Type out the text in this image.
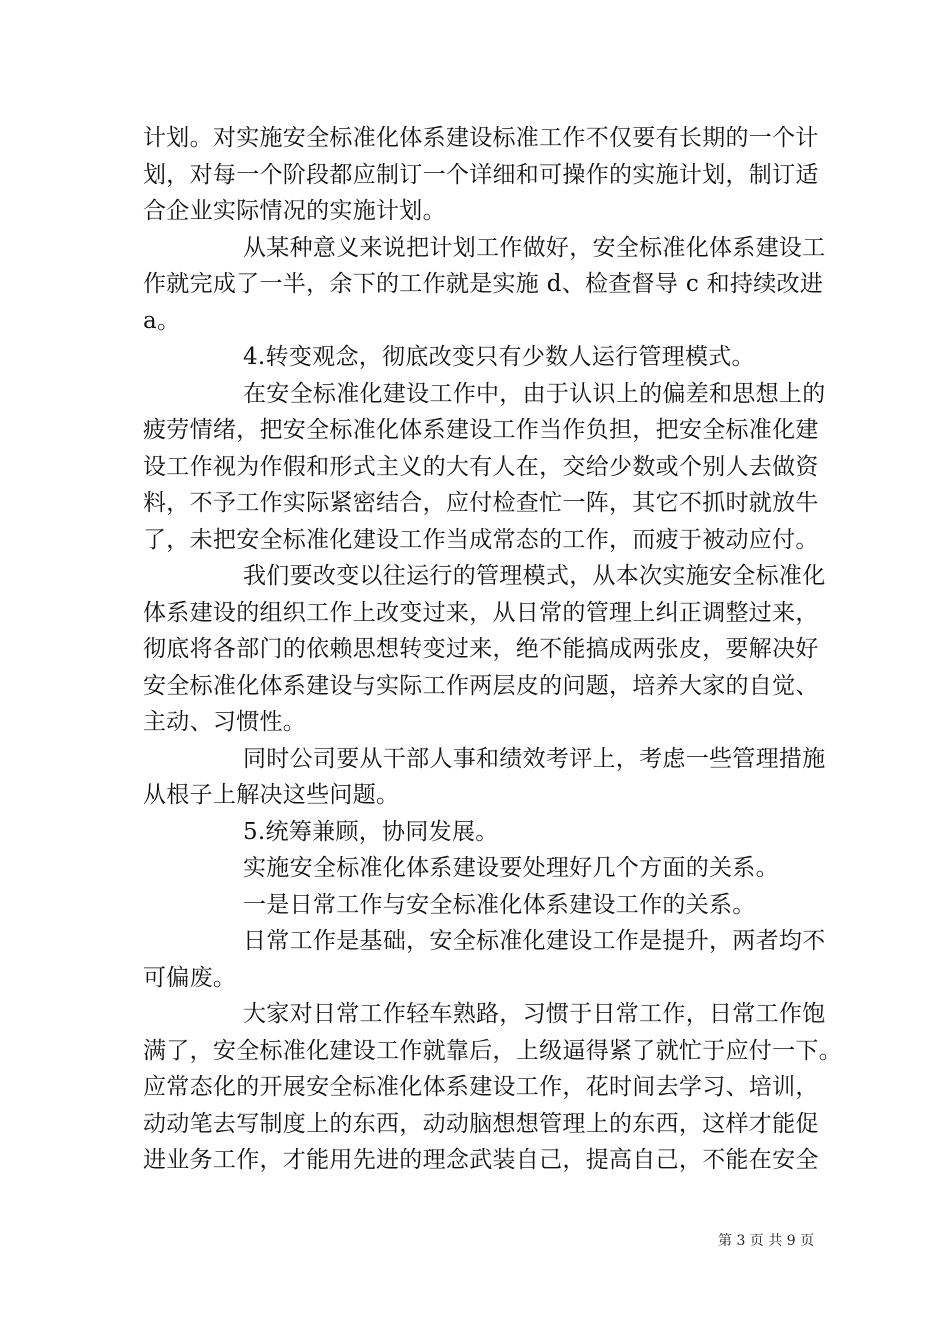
计划。对实施安全标准化体系建设标准工作不仅要有长期的一个计
划，对每一个阶段都应制订一个详细和可操作的实施计划，制订适
合企业实际情况的实施计划。
从某种意义来说把计划工作做好，安全标准化体系建设工
作就完成了一半，余下的工作就是实施 d、检查督导 c 和持续改进
a。
4.转变观念，彻底改变只有少数人运行管理模式。
在安全标准化建设工作中，由于认识上的偏差和思想上的
疲劳情绪，把安全标准化体系建设工作当作负担，把安全标准化建
设工作视为作假和形式主义的大有人在，交给少数或个别人去做资
料，不予工作实际紧密结合，应付检查忙一阵，其它不抓时就放牛
了，未把安全标准化建设工作当成常态的工作，而疲于被动应付。
我们要改变以往运行的管理模式，从本次实施安全标准化
体系建设的组织工作上改变过来，从日常的管理上纠正调整过来，
彻底将各部门的依赖思想转变过来，绝不能搞成两张皮，要解决好
安全标准化体系建设与实际工作两层皮的问题，培养大家的自觉、
主动、习惯性。
同时公司要从干部人事和绩效考评上，考虑一些管理措施
从根子上解决这些问题。
5.统筹兼顾，协同发展。
实施安全标准化体系建设要处理好几个方面的关系。
一是日常工作与安全标准化体系建设工作的关系。
日常工作是基础，安全标准化建设工作是提升，两者均不
可偏废。
大家对日常工作轻车熟路，习惯于日常工作，日常工作饱
满了，安全标准化建设工作就靠后，上级逼得紧了就忙于应付一下。
应常态化的开展安全标准化体系建设工作，花时间去学习、培训，
动动笔去写制度上的东西，动动脑想想管理上的东西，这样才能促
进业务工作，才能用先进的理念武装自己，提高自己，不能在安全
第 3 页 共 9 页
